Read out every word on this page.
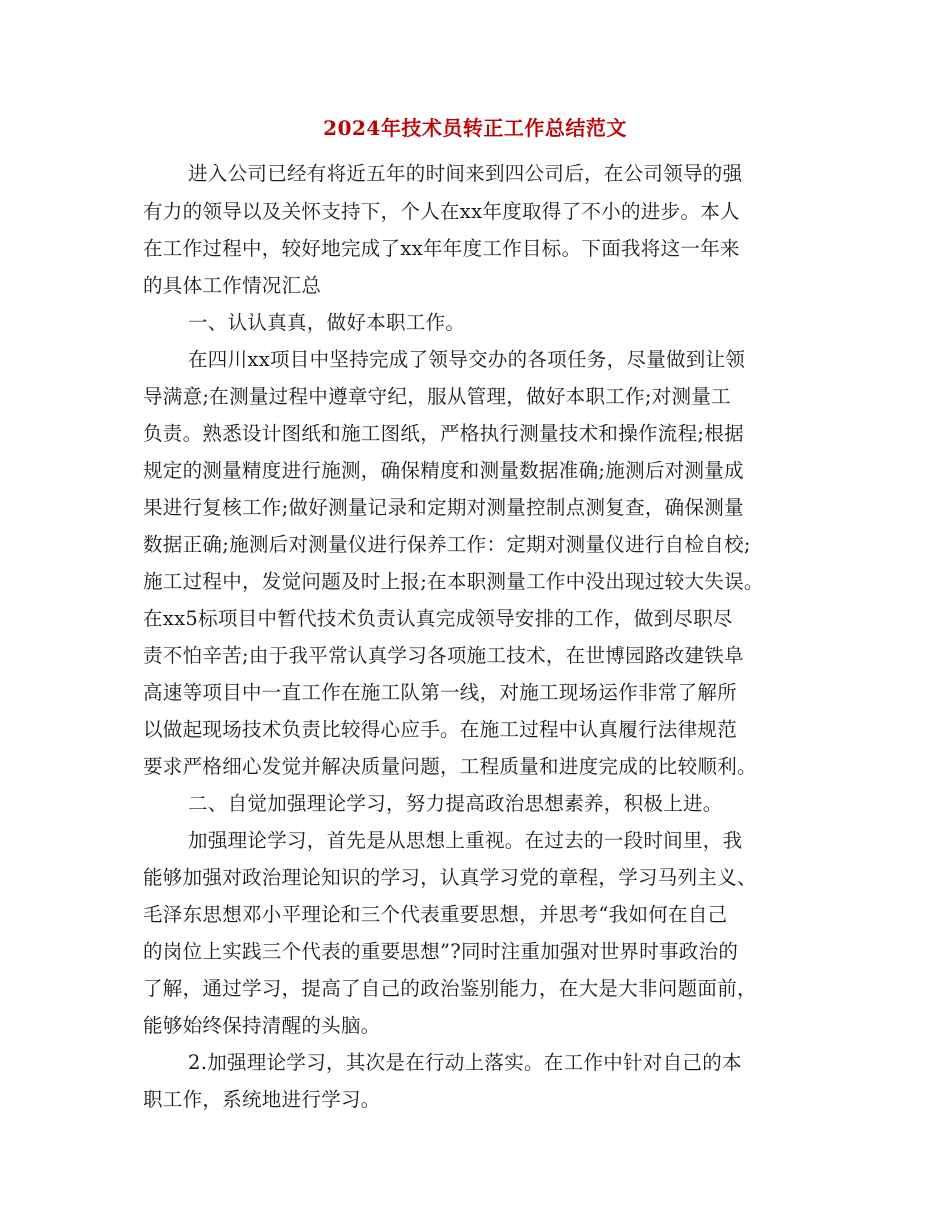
2024年技术员转正工作总结范文
进入公司已经有将近五年的时间来到四公司后，在公司领导的强
有力的领导以及关怀支持下，个人在xx年度取得了不小的进步。本人
在工作过程中，较好地完成了xx年年度工作目标。下面我将这一年来
的具体工作情况汇总
一、认认真真，做好本职工作。
在四川xx项目中坚持完成了领导交办的各项任务，尽量做到让领
导满意;在测量过程中遵章守纪，服从管理，做好本职工作;对测量工
负责。熟悉设计图纸和施工图纸，严格执行测量技术和操作流程;根据
规定的测量精度进行施测，确保精度和测量数据准确;施测后对测量成
果进行复核工作;做好测量记录和定期对测量控制点测复查，确保测量
数据正确;施测后对测量仪进行保养工作：定期对测量仪进行自检自校;
施工过程中，发觉问题及时上报;在本职测量工作中没出现过较大失误。
在xx5标项目中暂代技术负责认真完成领导安排的工作，做到尽职尽
责不怕辛苦;由于我平常认真学习各项施工技术，在世博园路改建铁阜
高速等项目中一直工作在施工队第一线，对施工现场运作非常了解所
以做起现场技术负责比较得心应手。在施工过程中认真履行法律规范
要求严格细心发觉并解决质量问题，工程质量和进度完成的比较顺利。
二、自觉加强理论学习，努力提高政治思想素养，积极上进。
加强理论学习，首先是从思想上重视。在过去的一段时间里，我
能够加强对政治理论知识的学习，认真学习党的章程，学习马列主义、
毛泽东思想邓小平理论和三个代表重要思想，并思考“我如何在自己
的岗位上实践三个代表的重要思想”?同时注重加强对世界时事政治的
了解，通过学习，提高了自己的政治鉴别能力，在大是大非问题面前，
能够始终保持清醒的头脑。
2.加强理论学习，其次是在行动上落实。在工作中针对自己的本
职工作，系统地进行学习。
